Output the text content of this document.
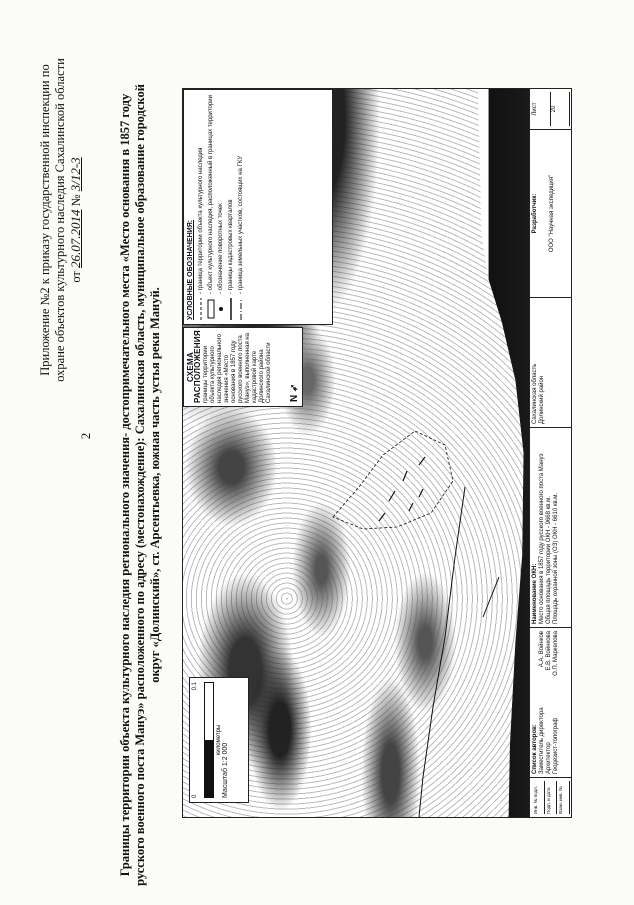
2
Приложение №2 к приказу государственной инспекции по охране объектов культурного наследия Сахалинской области от 26.07.2014 № 3/12-3	Границы территории объекта культурного наследия регионального значения- достопримечательного места «Место основания в 1857 году русского военного поста Мануэ» расположенного по адресу (местонахождение): Сахалинская область, муниципальное образование городской округ «Долинский», ст. Арсентьевка, южная часть устья реки Мануй.
0
0.1
километры
Масштаб 1:2 000
СХЕМА РАСПОЛОЖЕНИЯ границы территории объекта культурного наследия регионального значения «Место основания в 1857 году русского военного поста Мануэ», выполненная на кадастровой карте Долинского района Сахалинской области N ➶
УСЛОВНЫЕ ОБОЗНАЧЕНИЯ: - граница территории объекта культурного наследия - объект культурного наследия, расположенный в границах территории - обозначение поворотных точек - границы кадастровых кварталов - граница земельных участков, состоящих на ГКУ
Инв. № подл.	Подп. и дата	Взам. инв. №
Список авторов: Заместитель директора
А.А. Войнков
Архитектор
Е.В. Войнкова
Геодезист-топограф
О.П. Маркелова
Наименование ОКН: Место основания в 1857 году русского военного поста Мануэ Общая площадь территории ОКН - 9668 кв.м. Площадь охранной зоны (ОЗ) ОКН - 6610 кв.м.
Сахалинская область Долинский район
Разработчик: ООО "Научная экспедиция"
Лист	20
